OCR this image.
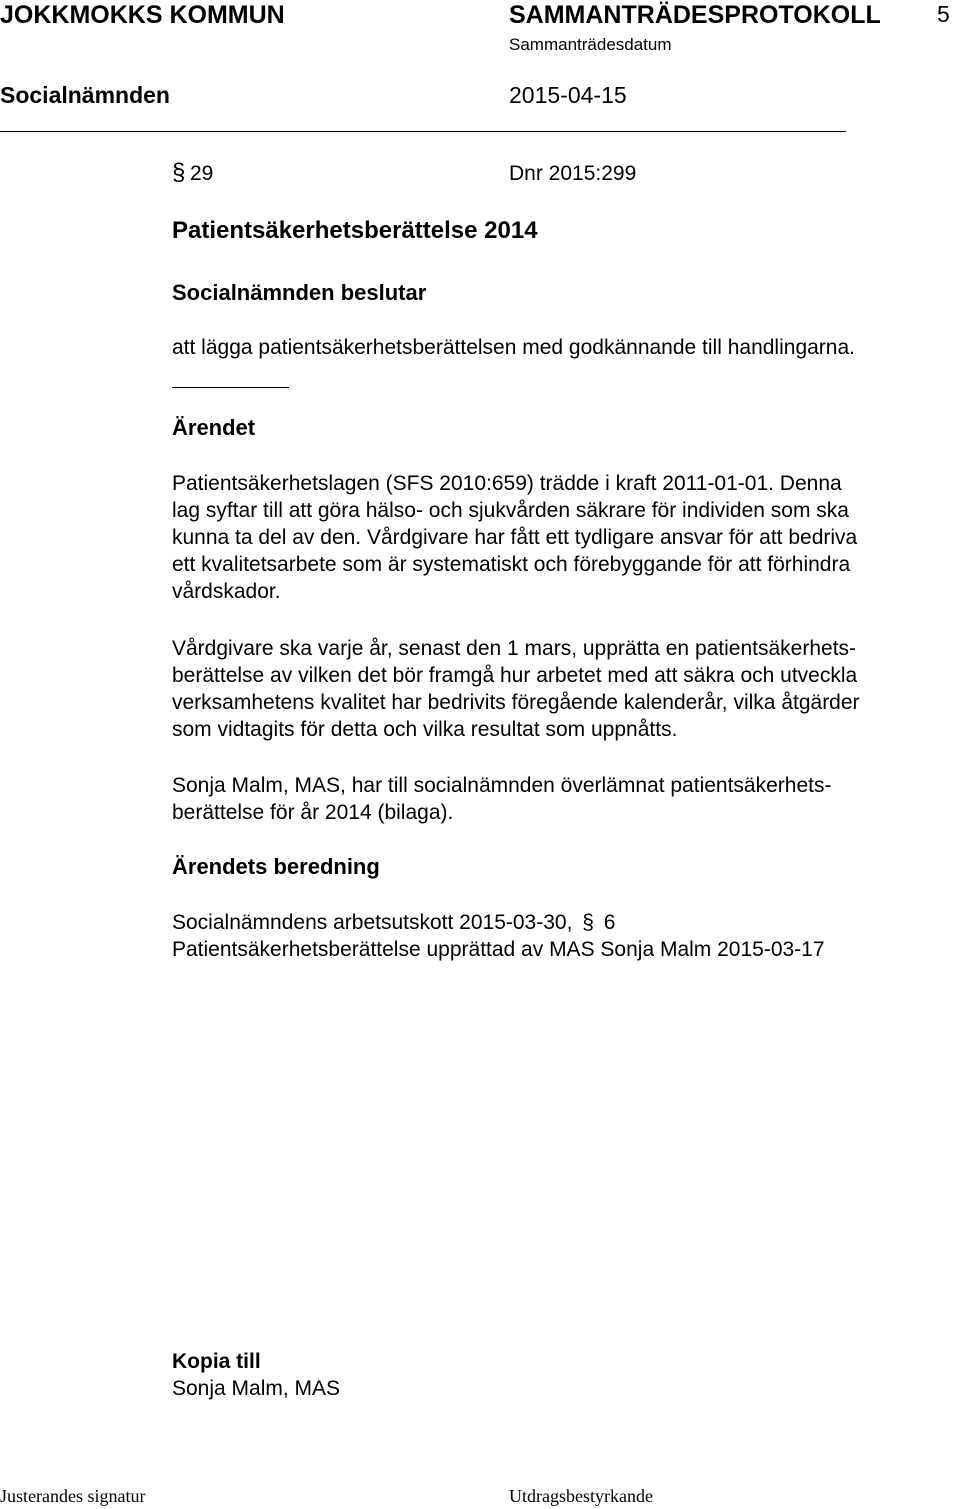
JOKKMOKKS KOMMUN	SAMMANTRÄDESPROTOKOLL 5
Sammanträdesdatum
Socialnämnden	2015-04-15
§ 29	Dnr 2015:299
Patientsäkerhetsberättelse 2014
Socialnämnden beslutar
att lägga patientsäkerhetsberättelsen med godkännande till handlingarna.
Ärendet
Patientsäkerhetslagen (SFS 2010:659) trädde i kraft 2011-01-01. Denna
lag syftar till att göra hälso- och sjukvården säkrare för individen som ska
kunna ta del av den. Vårdgivare har fått ett tydligare ansvar för att bedriva
ett kvalitetsarbete som är systematiskt och förebyggande för att förhindra
vårdskador.
Vårdgivare ska varje år, senast den 1 mars, upprätta en patientsäkerhets-
berättelse av vilken det bör framgå hur arbetet med att säkra och utveckla
verksamhetens kvalitet har bedrivits föregående kalenderår, vilka åtgärder
som vidtagits för detta och vilka resultat som uppnåtts.
Sonja Malm, MAS, har till socialnämnden överlämnat patientsäkerhets-
berättelse för år 2014 (bilaga).
Ärendets beredning
Socialnämndens arbetsutskott 2015-03-30, § 6
Patientsäkerhetsberättelse upprättad av MAS Sonja Malm 2015-03-17
Kopia till
Sonja Malm, MAS
Justerandes signatur	Utdragsbestyrkande
